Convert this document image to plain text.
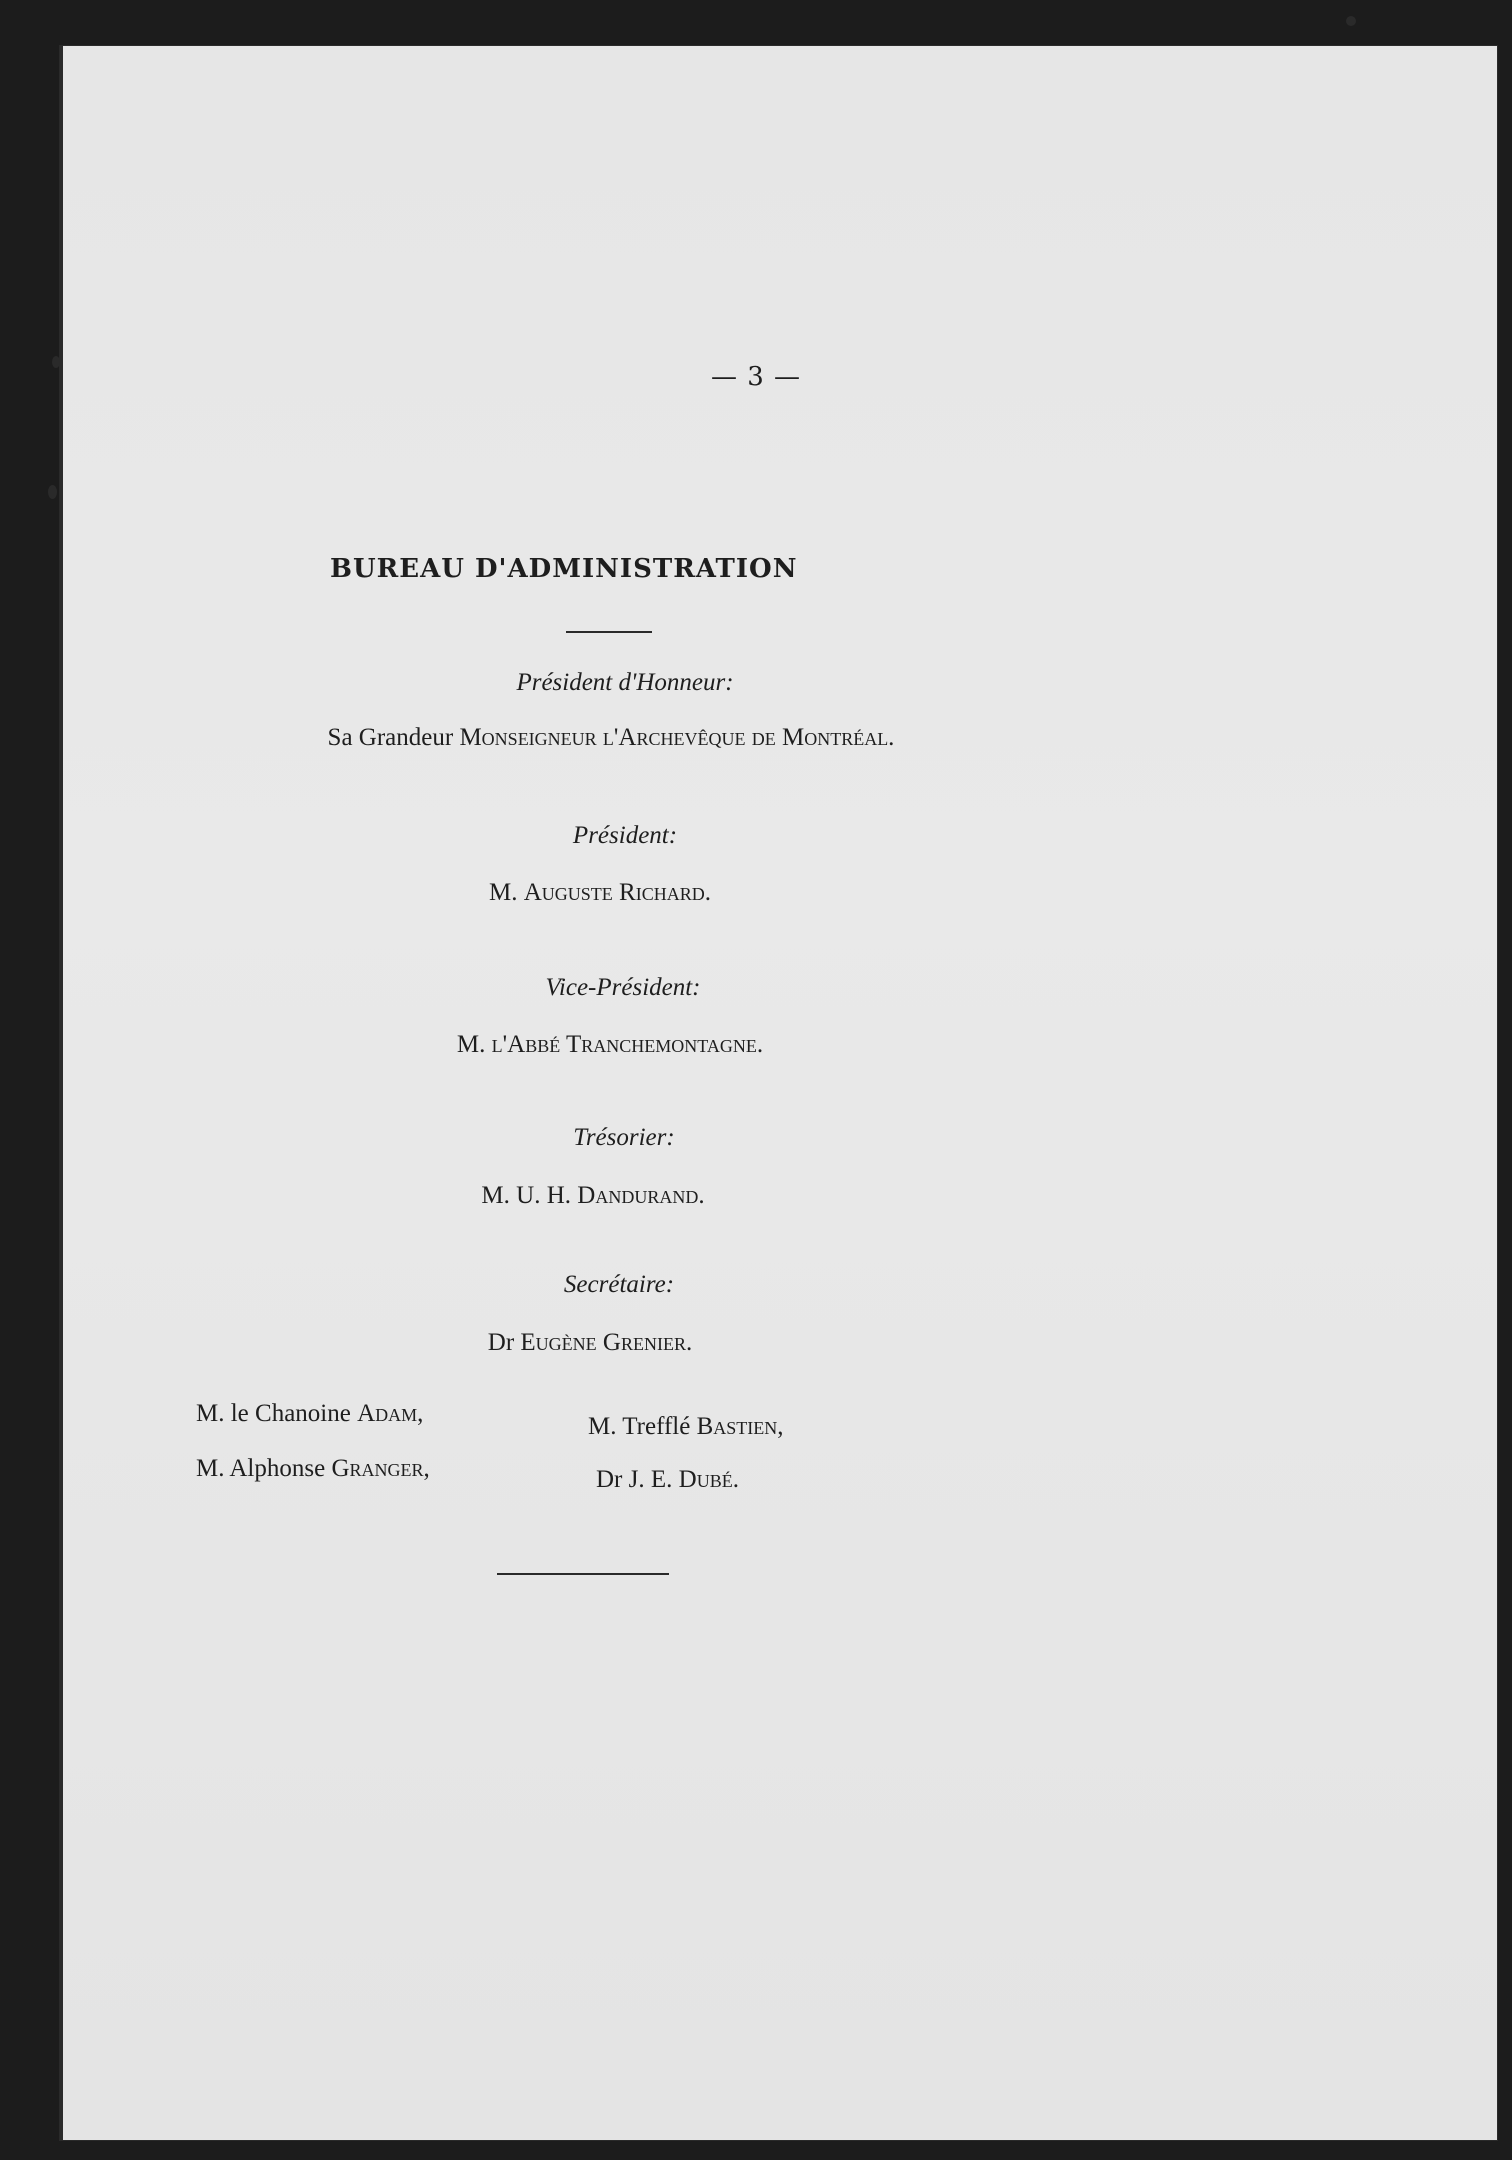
— 3 —
BUREAU D'ADMINISTRATION
Président d'Honneur:
Sa Grandeur Monseigneur l'Archevêque de Montréal.
Président:
M. Auguste Richard.
Vice-Président:
M. l'Abbé Tranchemontagne.
Trésorier:
M. U. H. Dandurand.
Secrétaire:
Dr Eugène Grenier.
M. le Chanoine Adam,	M. Trefflé Bastien,
M. Alphonse Granger,	Dr J. E. Dubé.
